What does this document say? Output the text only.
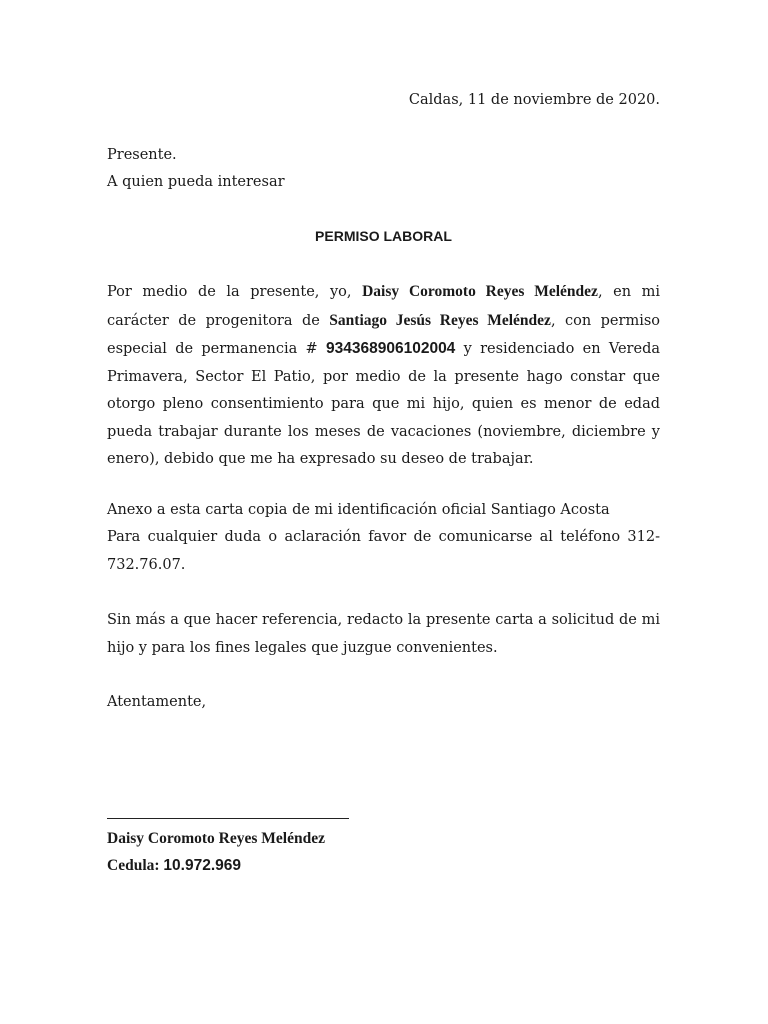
Caldas, 11 de noviembre de 2020.

Presente.

A quien pueda interesar

PERMISO LABORAL

Por medio de la presente, yo, Daisy Coromoto Reyes Meléndez, en mi carácter de progenitora de Santiago Jesús Reyes Meléndez, con permiso especial de permanencia # 934368906102004 y residenciado en Vereda Primavera, Sector El Patio, por medio de la presente hago constar que otorgo pleno consentimiento para que mi hijo, quien es menor de edad pueda trabajar durante los meses de vacaciones (noviembre, diciembre y enero), debido que me ha expresado su deseo de trabajar.

Anexo a esta carta copia de mi identificación oficial Santiago Acosta

Para cualquier duda o aclaración favor de comunicarse al teléfono 312-732.76.07.

Sin más a que hacer referencia, redacto la presente carta a solicitud de mi hijo y para los fines legales que juzgue convenientes.

Atentamente,

Daisy Coromoto Reyes Meléndez

Cedula: 10.972.969
